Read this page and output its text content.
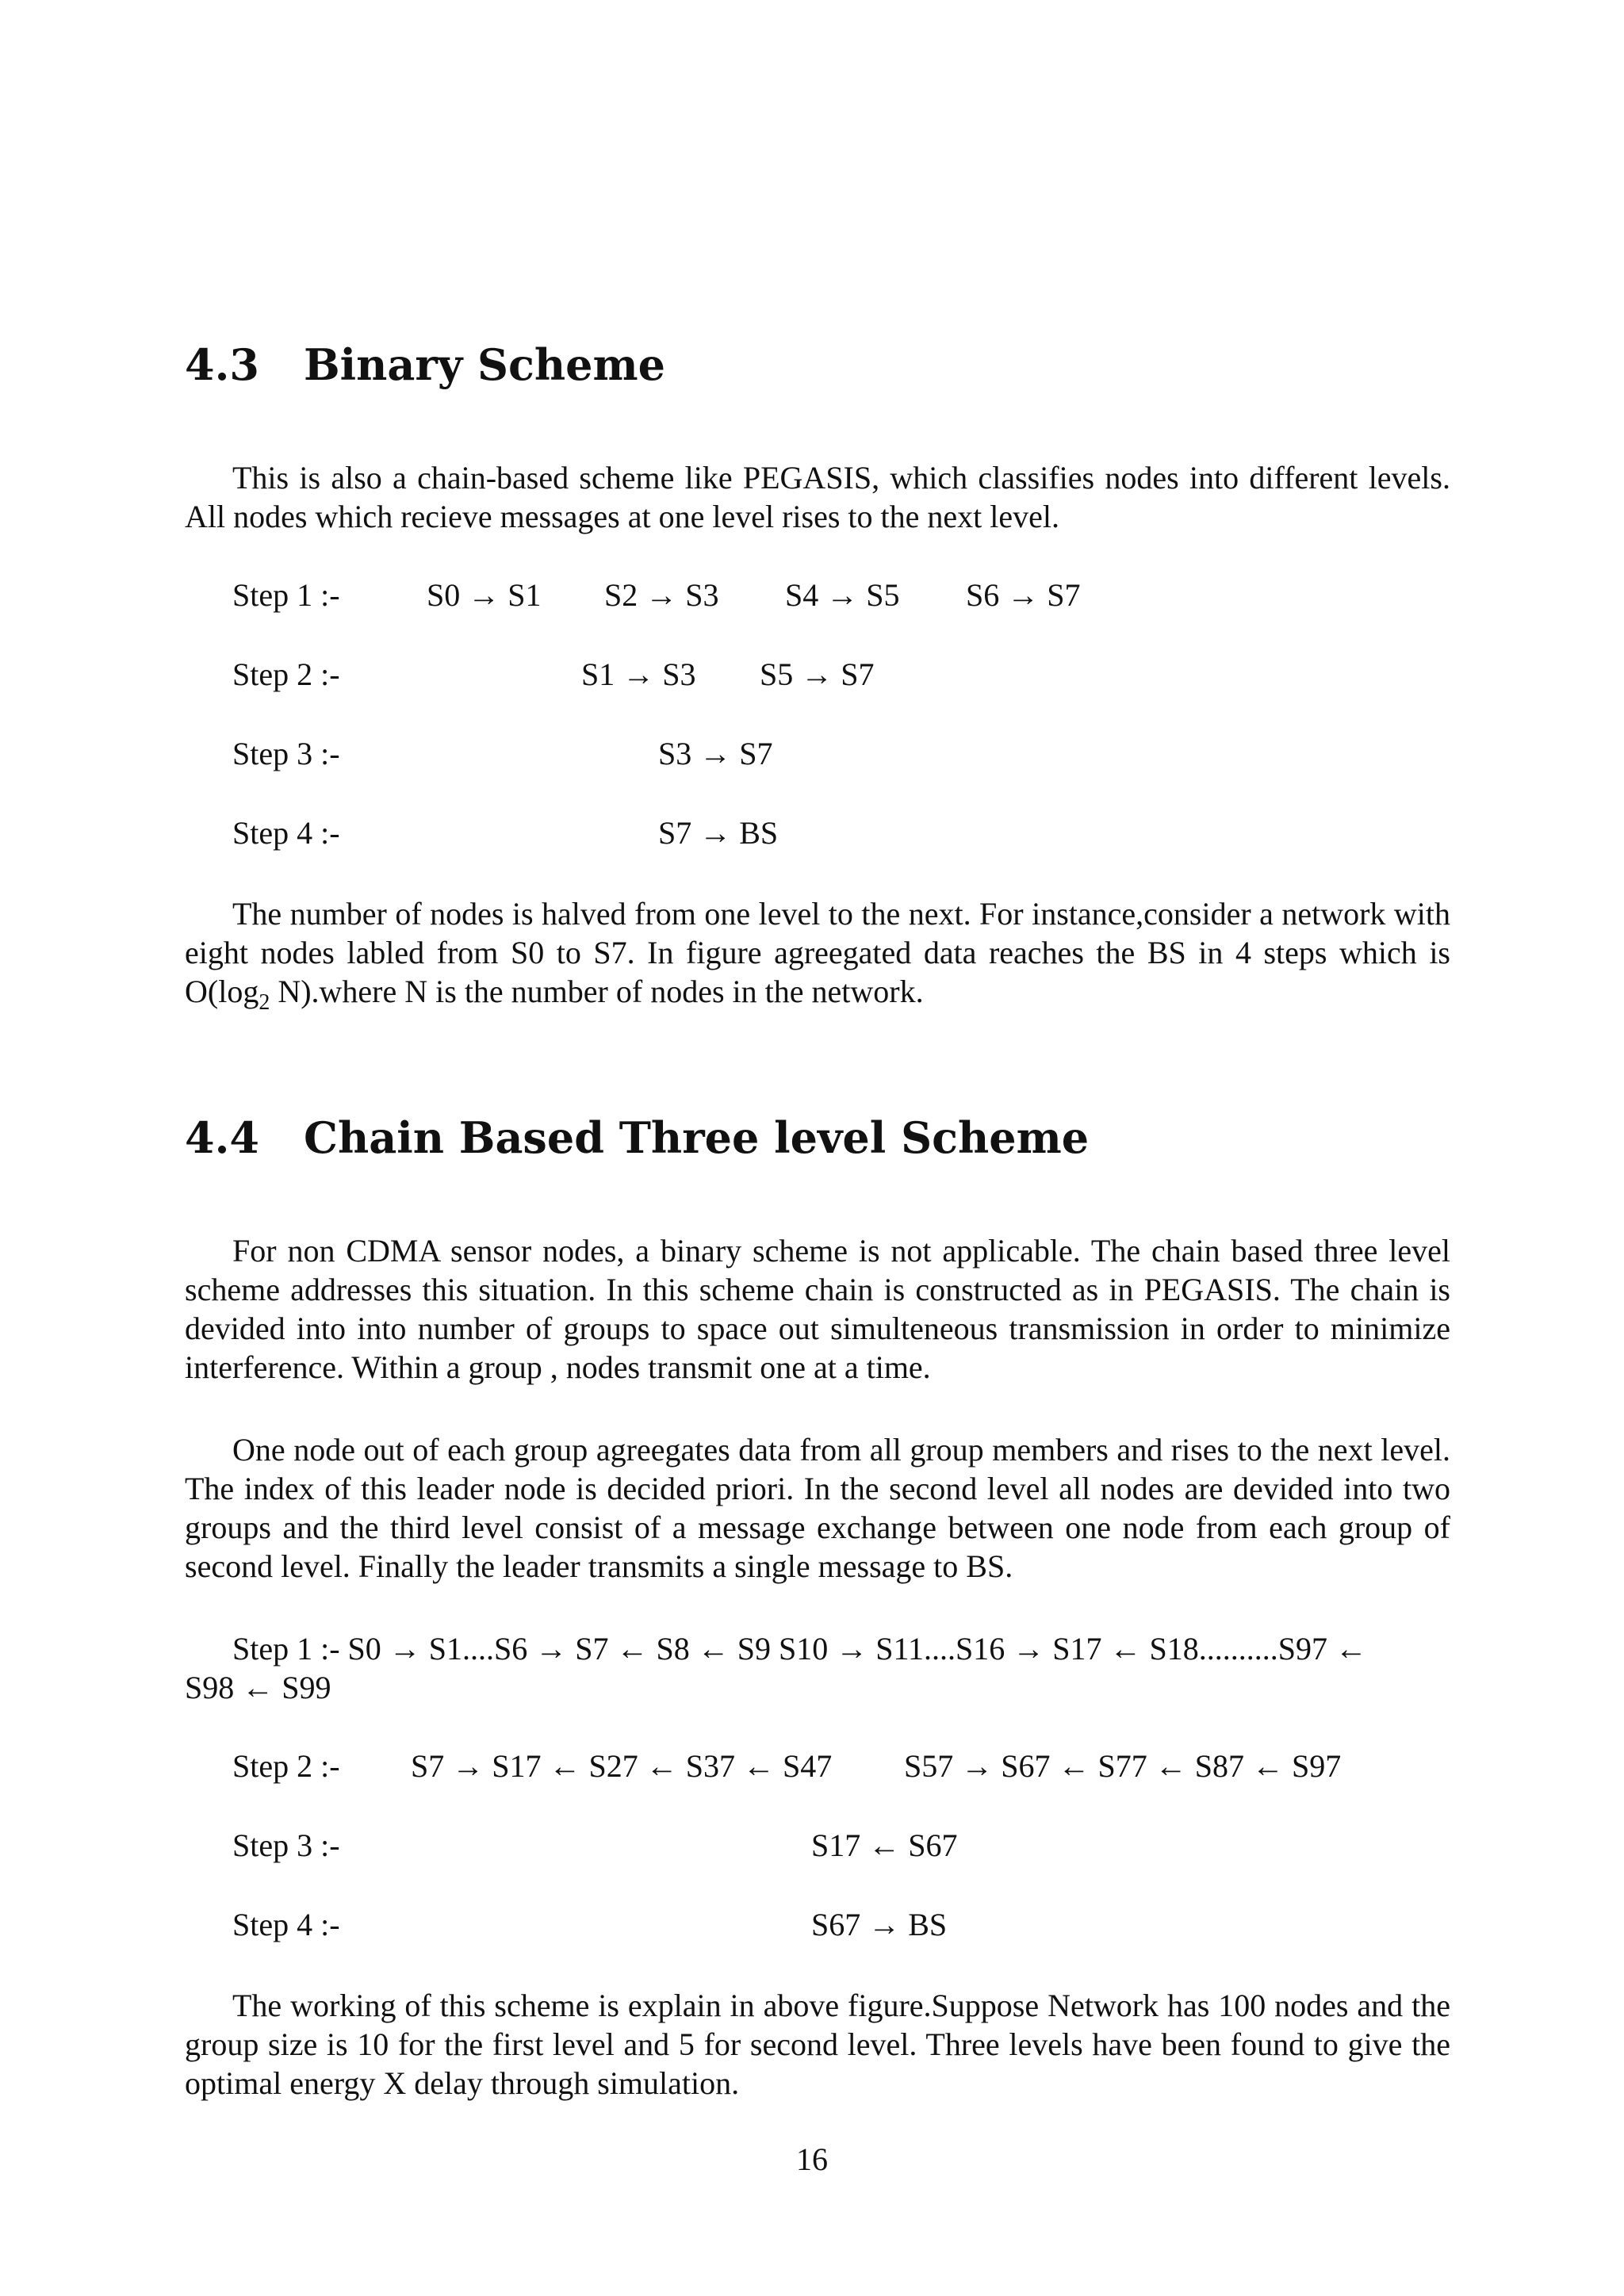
4.3 Binary Scheme

This is also a chain-based scheme like PEGASIS, which classifies nodes into different levels. All nodes which recieve messages at one level rises to the next level.

Step 1 :-	S0 → S1 S2 → S3 S4 → S5 S6 → S7
Step 2 :-	S1 → S3 S5 → S7
Step 3 :-	S3 → S7
Step 4 :-	S7 → BS

The number of nodes is halved from one level to the next. For instance,consider a network with eight nodes labled from S0 to S7. In figure agreegated data reaches the BS in 4 steps which is $O(\log_2$ N).where N is the number of nodes in the network.

4.4 Chain Based Three level Scheme

For non CDMA sensor nodes, a binary scheme is not applicable. The chain based three level scheme addresses this situation. In this scheme chain is constructed as in PEGASIS. The chain is devided into into number of groups to space out simulteneous transmission in order to minimize interference. Within a group , nodes transmit one at a time.

One node out of each group agreegates data from all group members and rises to the next level. The index of this leader node is decided priori. In the second level all nodes are devided into two groups and the third level consist of a message exchange between one node from each group of second level. Finally the leader transmits a single message to BS.

Step 1 :- S0 → S1....S6 → S7 ← S8 ← S9 S10 → S11....S16 → S17 ← S18..........S97 ←
S98 ← S99
Step 2 :- S7 → S17 ← S27 ← S37 ← S47 S57 → S67 ← S77 ← S87 ← S97
Step 3 :-	S17 ← S67
Step 4 :-	S67 → BS

The working of this scheme is explain in above figure.Suppose Network has 100 nodes and the group size is 10 for the first level and 5 for second level. Three levels have been found to give the optimal energy X delay through simulation.

16
